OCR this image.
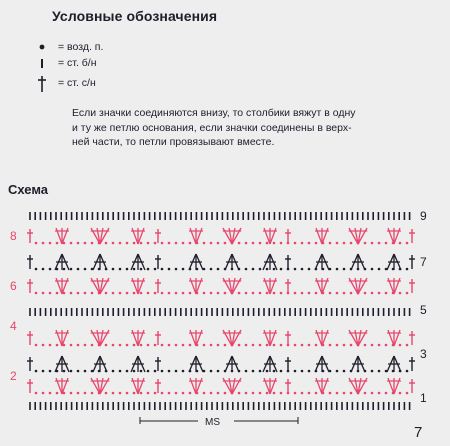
Условные обозначения
= возд. п.
= ст. б/н
= ст. с/н
Если значки соединяются внизу, то столбики вяжут в одну
и ту же петлю основания, если значки соединены в верх-
ней части, то петли провязывают вместе.
Схема
8
6
4
2
9
7
5
3
1
MS
7
